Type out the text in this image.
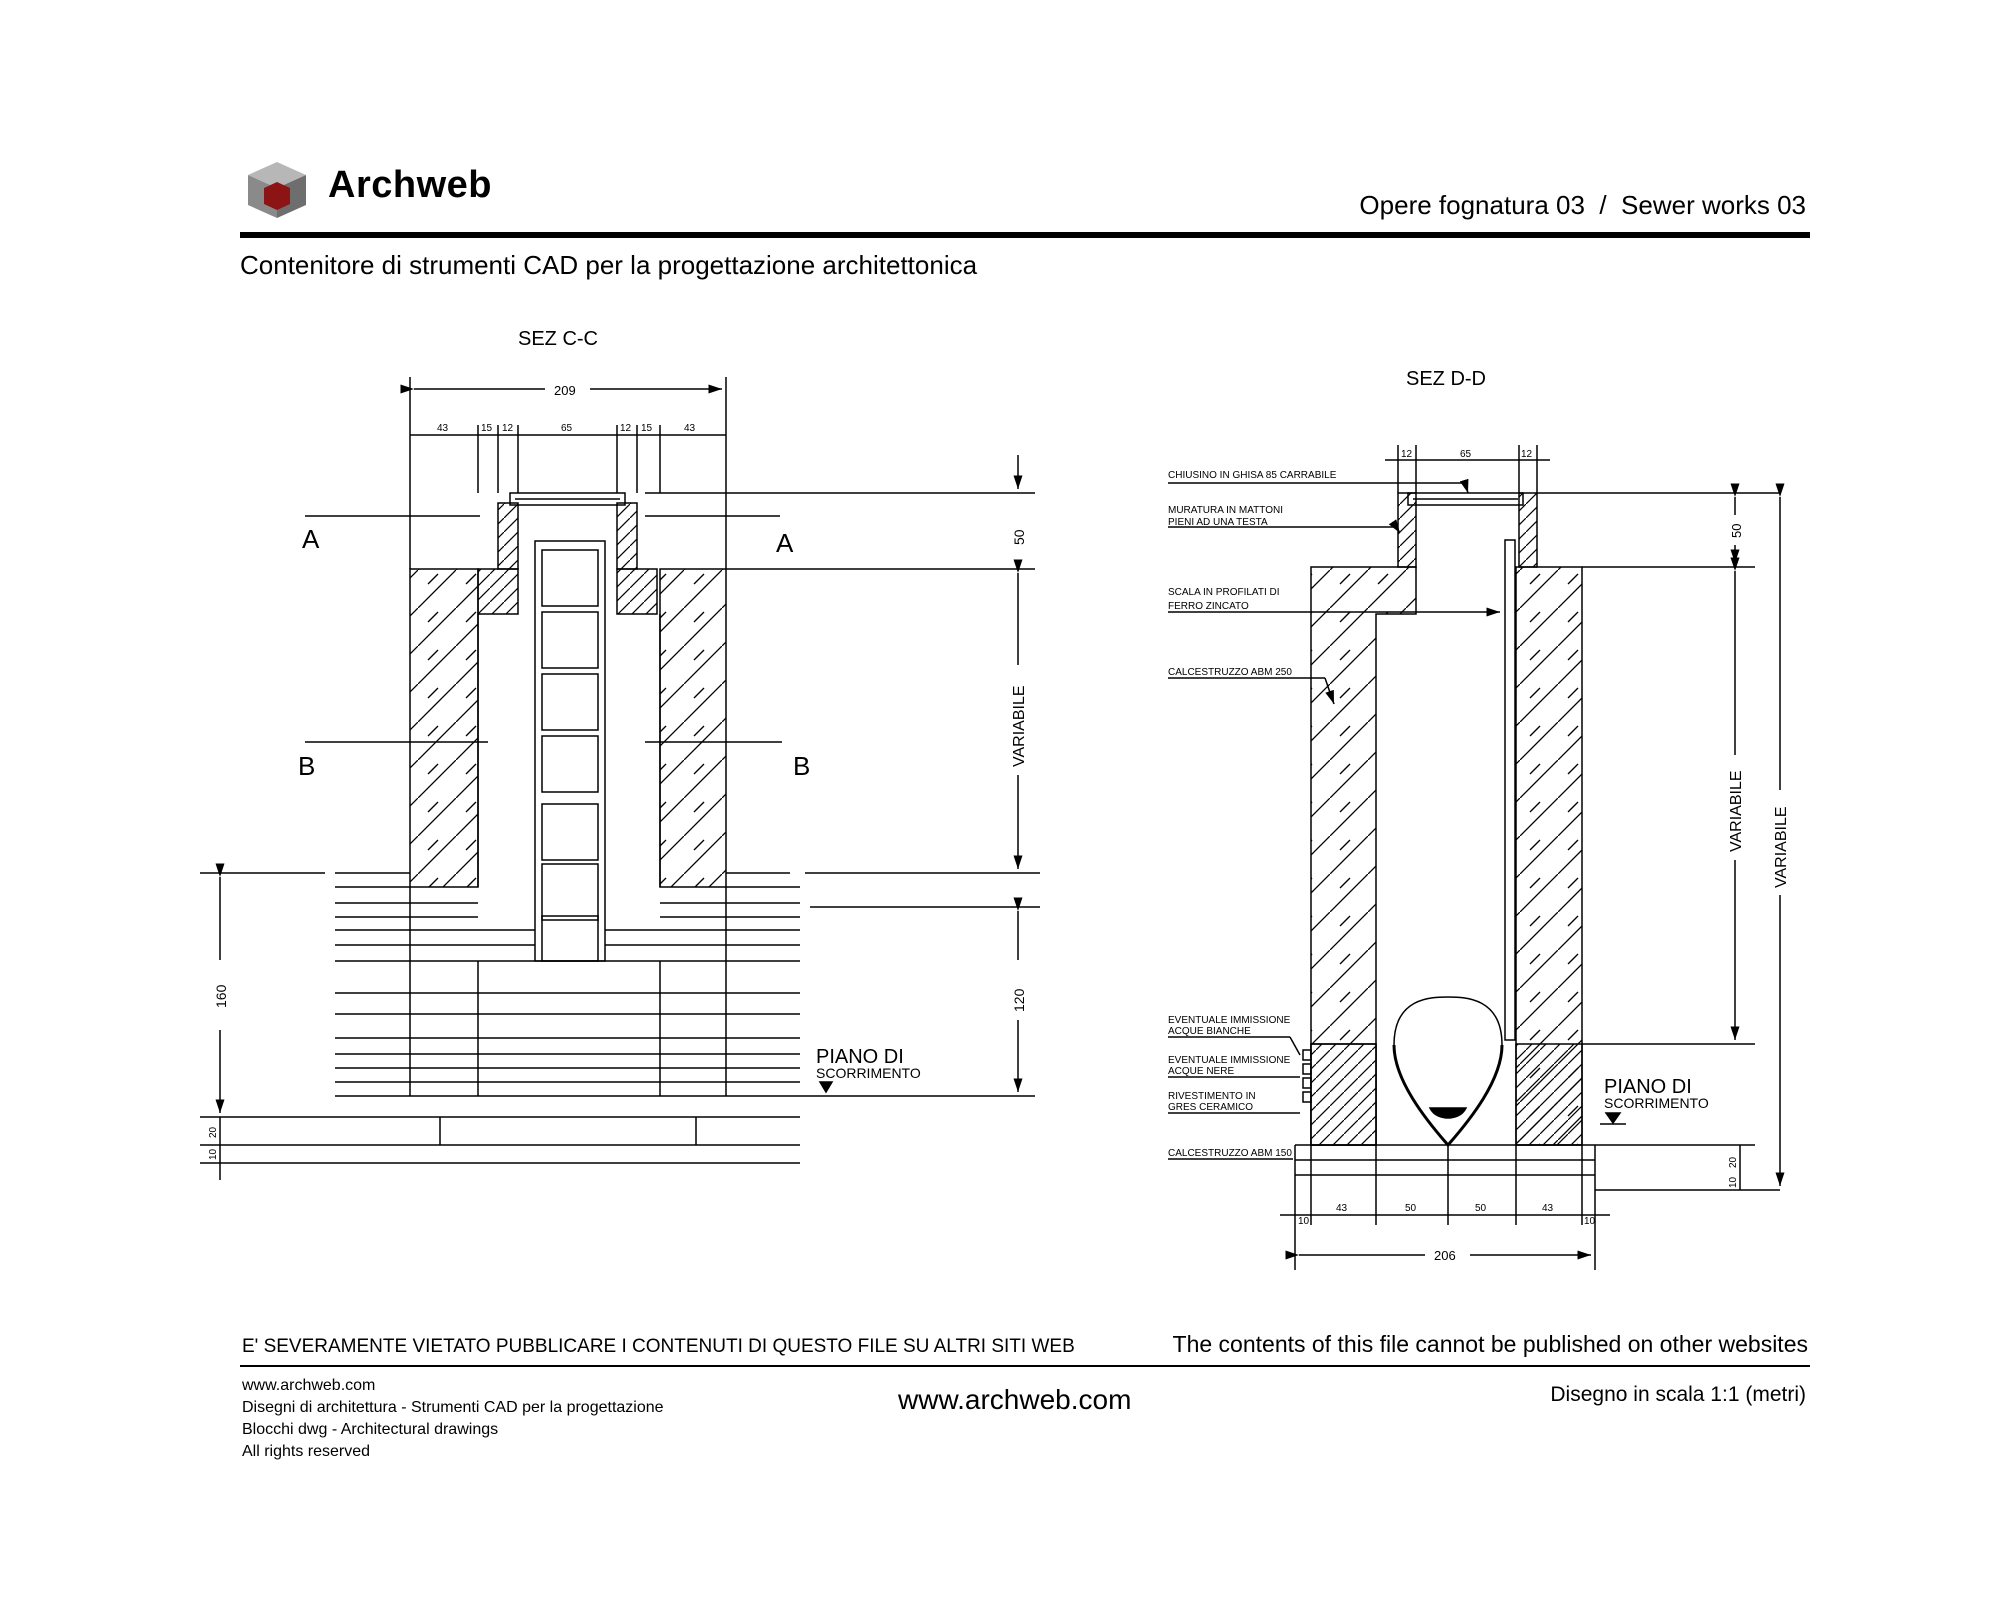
Archweb	Opere fognatura 03  /  Sewer works 03
Contenitore di strumenti CAD per la progettazione architettonica
SEZ C-C
209
43	15 12	65	12 15	43
A	A
B	B
50
VARIABILE
120
160
20
10
PIANO DI
SCORRIMENTO
SEZ D-D
12	65	12
CHIUSINO IN GHISA 85 CARRABILE
MURATURA IN MATTONI
PIENI AD UNA TESTA
SCALA IN PROFILATI DI
FERRO ZINCATO
CALCESTRUZZO ABM 250
EVENTUALE IMMISSIONE
ACQUE BIANCHE
EVENTUALE IMMISSIONE
ACQUE NERE
RIVESTIMENTO IN
GRES CERAMICO
CALCESTRUZZO ABM 150
50
VARIABILE VARIABILE
20
10
10
43	50	50	43
10
206
PIANO DI
SCORRIMENTO
E' SEVERAMENTE VIETATO PUBBLICARE I CONTENUTI DI QUESTO FILE SU ALTRI SITI WEB	The contents of this file cannot be published on other websites
www.archweb.com
Disegni di architettura - Strumenti CAD per la progettazione
Blocchi dwg - Architectural drawings
All rights reserved
www.archweb.com	Disegno in scala 1:1 (metri)
